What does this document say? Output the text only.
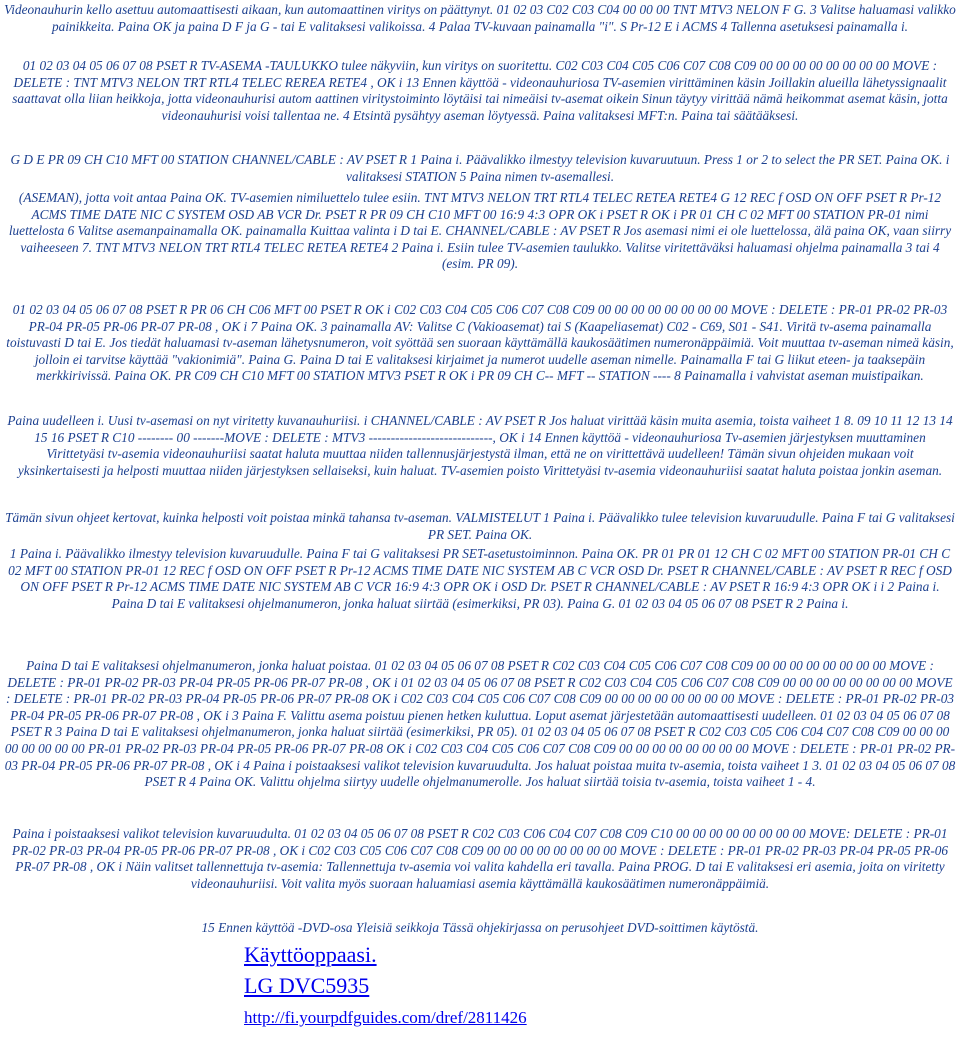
Videonauhurin kello asettuu automaattisesti aikaan, kun automaattinen viritys on päättynyt. 01 02 03 C02 C03 C04 00 00 00 TNT MTV3 NELON F G. 3 Valitse haluamasi valikko painikkeita. Paina OK ja paina D F ja G - tai E valitaksesi valikoissa. 4 Palaa TV-kuvaan painamalla "i". S Pr-12 E i ACMS 4 Tallenna asetuksesi painamalla i.

01 02 03 04 05 06 07 08 PSET R TV-ASEMA -TAULUKKO tulee näkyviin, kun viritys on suoritettu. C02 C03 C04 C05 C06 C07 C08 C09 00 00 00 00 00 00 00 00 MOVE : DELETE : TNT MTV3 NELON TRT RTL4 TELEC REREA RETE4 , OK i 13 Ennen käyttöä - videonauhuriosa TV-asemien virittäminen käsin Joillakin alueilla lähetyssignaalit saattavat olla liian heikkoja, jotta videonauhurisi autom aattinen viritystoiminto löytäisi tai nimeäisi tv-asemat oikein Sinun täytyy virittää nämä heikommat asemat käsin, jotta videonauhurisi voisi tallentaa ne. 4 Etsintä pysähtyy aseman löytyessä. Paina valitaksesi MFT:n. Paina tai säätääksesi.

G D E PR 09 CH C10 MFT 00 STATION CHANNEL/CABLE : AV PSET R 1 Paina i. Päävalikko ilmestyy television kuvaruutuun. Press 1 or 2 to select the PR SET. Paina OK. i valitaksesi STATION 5 Paina nimen tv-asemallesi.

(ASEMAN), jotta voit antaa Paina OK. TV-asemien nimiluettelo tulee esiin. TNT MTV3 NELON TRT RTL4 TELEC RETEA RETE4 G 12 REC f OSD ON OFF PSET R Pr-12 ACMS TIME DATE NIC C SYSTEM OSD AB VCR Dr. PSET R PR 09 CH C10 MFT 00 16:9 4:3 OPR OK i PSET R OK i PR 01 CH C 02 MFT 00 STATION PR-01 nimi luettelosta 6 Valitse asemanpainamalla OK. painamalla Kuittaa valinta i D tai E. CHANNEL/CABLE : AV PSET R Jos asemasi nimi ei ole luettelossa, älä paina OK, vaan siirry vaiheeseen 7. TNT MTV3 NELON TRT RTL4 TELEC RETEA RETE4 2 Paina i. Esiin tulee TV-asemien taulukko. Valitse viritettäväksi haluamasi ohjelma painamalla 3 tai 4 (esim. PR 09).

01 02 03 04 05 06 07 08 PSET R PR 06 CH C06 MFT 00 PSET R OK i C02 C03 C04 C05 C06 C07 C08 C09 00 00 00 00 00 00 00 00 MOVE : DELETE : PR-01 PR-02 PR-03 PR-04 PR-05 PR-06 PR-07 PR-08 , OK i 7 Paina OK. 3 painamalla AV: Valitse C (Vakioasemat) tai S (Kaapeliasemat) C02 - C69, S01 - S41. Viritä tv-asema painamalla toistuvasti D tai E. Jos tiedät haluamasi tv-aseman lähetysnumeron, voit syöttää sen suoraan käyttämällä kaukosäätimen numeronäppäimiä. Voit muuttaa tv-aseman nimeä käsin, jolloin ei tarvitse käyttää "vakionimiä". Paina G. Paina D tai E valitaksesi kirjaimet ja numerot uudelle aseman nimelle. Painamalla F tai G liikut eteen- ja taaksepäin merkkirivissä. Paina OK. PR C09 CH C10 MFT 00 STATION MTV3 PSET R OK i PR 09 CH C-- MFT -- STATION ---- 8 Painamalla i vahvistat aseman muistipaikan.

Paina uudelleen i. Uusi tv-asemasi on nyt viritetty kuvanauhuriisi. i CHANNEL/CABLE : AV PSET R Jos haluat virittää käsin muita asemia, toista vaiheet 1 8. 09 10 11 12 13 14 15 16 PSET R C10 -------- 00 -------MOVE : DELETE : MTV3 ----------------------------, OK i 14 Ennen käyttöä - videonauhuriosa Tv-asemien järjestyksen muuttaminen Virittetyäsi tv-asemia videonauhuriisi saatat haluta muuttaa niiden tallennusjärjestystä ilman, että ne on virittettävä uudelleen! Tämän sivun ohjeiden mukaan voit yksinkertaisesti ja helposti muuttaa niiden järjestyksen sellaiseksi, kuin haluat. TV-asemien poisto Virittetyäsi tv-asemia videonauhuriisi saatat haluta poistaa jonkin aseman.

Tämän sivun ohjeet kertovat, kuinka helposti voit poistaa minkä tahansa tv-aseman. VALMISTELUT 1 Paina i. Päävalikko tulee television kuvaruudulle. Paina F tai G valitaksesi PR SET. Paina OK.

1 Paina i. Päävalikko ilmestyy television kuvaruudulle. Paina F tai G valitaksesi PR SET-asetustoiminnon. Paina OK. PR 01 PR 01 12 CH C 02 MFT 00 STATION PR-01 CH C 02 MFT 00 STATION PR-01 12 REC f OSD ON OFF PSET R Pr-12 ACMS TIME DATE NIC SYSTEM AB C VCR OSD Dr. PSET R CHANNEL/CABLE : AV PSET R REC f OSD ON OFF PSET R Pr-12 ACMS TIME DATE NIC SYSTEM AB C VCR 16:9 4:3 OPR OK i OSD Dr. PSET R CHANNEL/CABLE : AV PSET R 16:9 4:3 OPR OK i i 2 Paina i. Paina D tai E valitaksesi ohjelmanumeron, jonka haluat siirtää (esimerkiksi, PR 03). Paina G. 01 02 03 04 05 06 07 08 PSET R 2 Paina i.

Paina D tai E valitaksesi ohjelmanumeron, jonka haluat poistaa. 01 02 03 04 05 06 07 08 PSET R C02 C03 C04 C05 C06 C07 C08 C09 00 00 00 00 00 00 00 00 MOVE : DELETE : PR-01 PR-02 PR-03 PR-04 PR-05 PR-06 PR-07 PR-08 , OK i 01 02 03 04 05 06 07 08 PSET R C02 C03 C04 C05 C06 C07 C08 C09 00 00 00 00 00 00 00 00 MOVE : DELETE : PR-01 PR-02 PR-03 PR-04 PR-05 PR-06 PR-07 PR-08 OK i C02 C03 C04 C05 C06 C07 C08 C09 00 00 00 00 00 00 00 00 MOVE : DELETE : PR-01 PR-02 PR-03 PR-04 PR-05 PR-06 PR-07 PR-08 , OK i 3 Paina F. Valittu asema poistuu pienen hetken kuluttua. Loput asemat järjestetään automaattisesti uudelleen. 01 02 03 04 05 06 07 08 PSET R 3 Paina D tai E valitaksesi ohjelmanumeron, jonka haluat siirtää (esimerkiksi, PR 05). 01 02 03 04 05 06 07 08 PSET R C02 C03 C05 C06 C04 C07 C08 C09 00 00 00 00 00 00 00 00 PR-01 PR-02 PR-03 PR-04 PR-05 PR-06 PR-07 PR-08 OK i C02 C03 C04 C05 C06 C07 C08 C09 00 00 00 00 00 00 00 00 MOVE : DELETE : PR-01 PR-02 PR-03 PR-04 PR-05 PR-06 PR-07 PR-08 , OK i 4 Paina i poistaaksesi valikot television kuvaruudulta. Jos haluat poistaa muita tv-asemia, toista vaiheet 1 3. 01 02 03 04 05 06 07 08 PSET R 4 Paina OK. Valittu ohjelma siirtyy uudelle ohjelmanumerolle. Jos haluat siirtää toisia tv-asemia, toista vaiheet 1 - 4.

Paina i poistaaksesi valikot television kuvaruudulta. 01 02 03 04 05 06 07 08 PSET R C02 C03 C06 C04 C07 C08 C09 C10 00 00 00 00 00 00 00 00 MOVE: DELETE : PR-01 PR-02 PR-03 PR-04 PR-05 PR-06 PR-07 PR-08 , OK i C02 C03 C05 C06 C07 C08 C09 00 00 00 00 00 00 00 00 MOVE : DELETE : PR-01 PR-02 PR-03 PR-04 PR-05 PR-06 PR-07 PR-08 , OK i Näin valitset tallennettuja tv-asemia: Tallennettuja tv-asemia voi valita kahdella eri tavalla. Paina PROG. D tai E valitaksesi eri asemia, joita on viritetty videonauhuriisi. Voit valita myös suoraan haluamiasi asemia käyttämällä kaukosäätimen numeronäppäimiä.

15 Ennen käyttöä -DVD-osa Yleisiä seikkoja Tässä ohjekirjassa on perusohjeet DVD-soittimen käytöstä.

Käyttöoppaasi.
LG DVC5935
http://fi.yourpdfguides.com/dref/2811426
